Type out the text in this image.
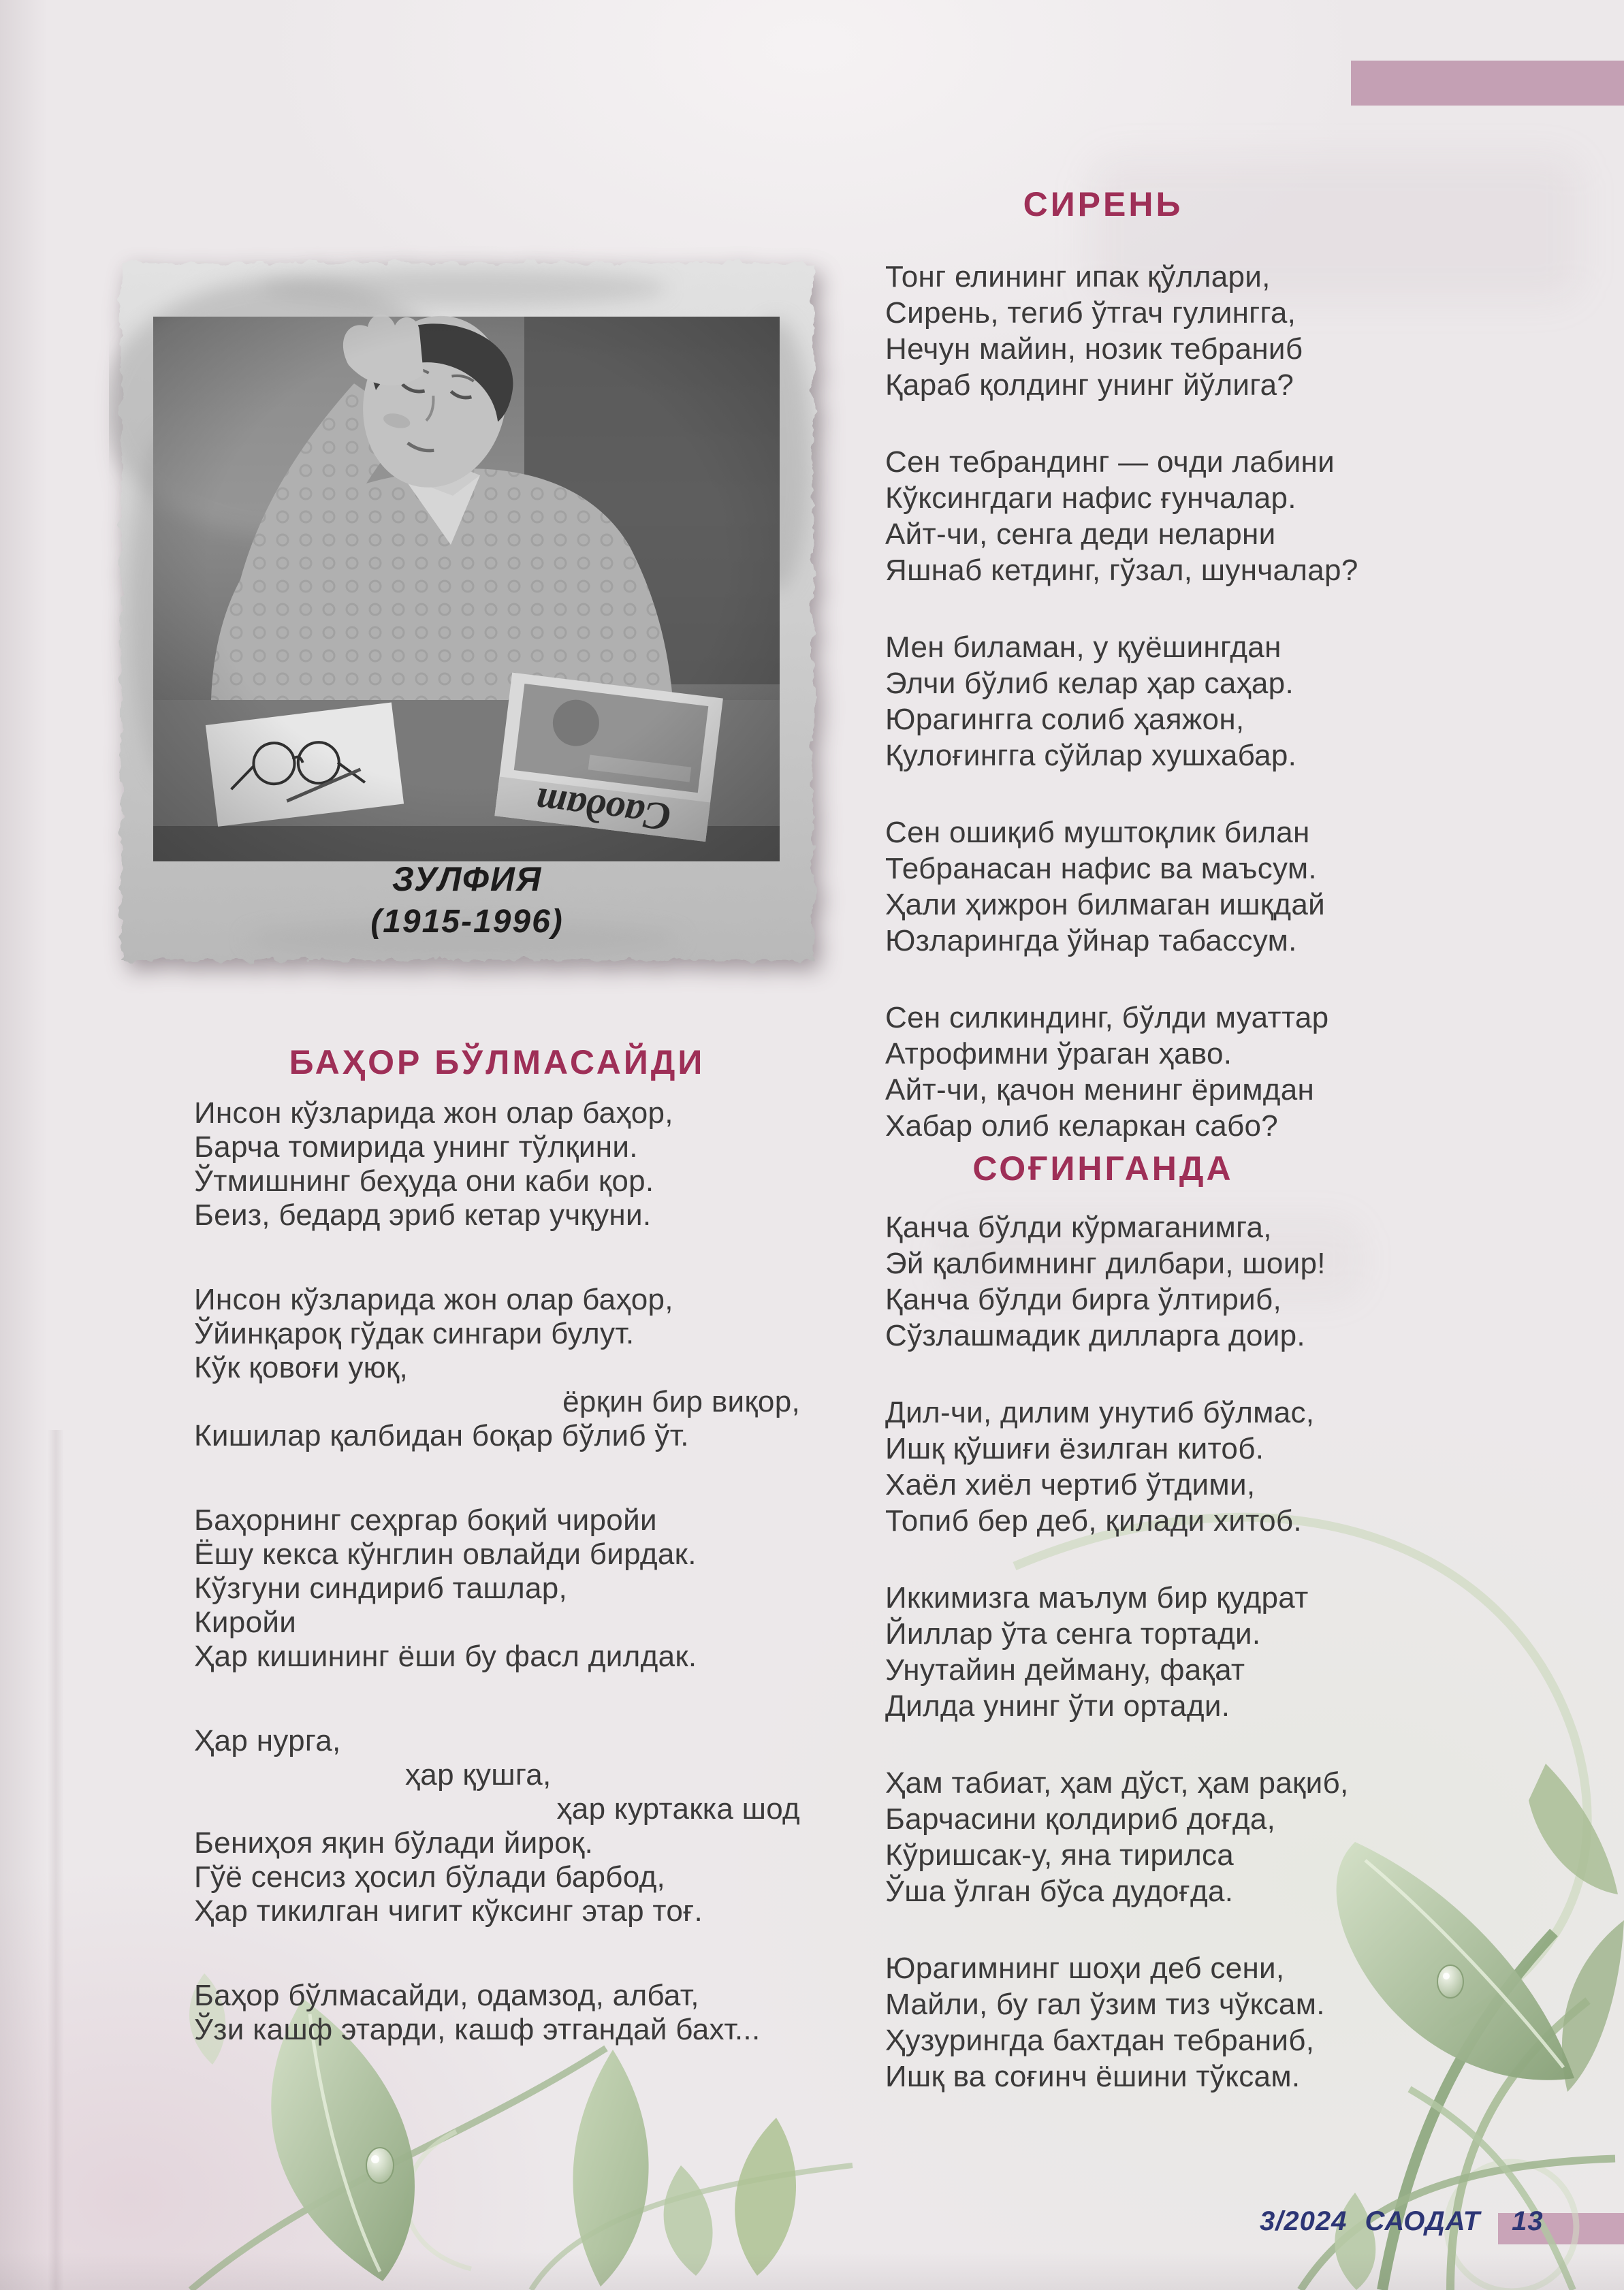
ЗУЛФИЯ
(1915-1996)
СИРЕНЬ
БАҲОР БЎЛМАСАЙДИ
СОҒИНГАНДА
Тонг елининг ипак қўллари,
Сирень, тегиб ўтгач гулингга,
Нечун майин, нозик тебраниб
Қараб қолдинг унинг йўлига?
Сен тебрандинг — очди лабини
Кўксингдаги нафис ғунчалар.
Айт-чи, сенга деди неларни
Яшнаб кетдинг, гўзал, шунчалар?
Мен биламан, у қуёшингдан
Элчи бўлиб келар ҳар саҳар.
Юрагингга солиб ҳаяжон,
Қулоғингга сўйлар хушхабар.
Сен ошиқиб муштоқлик билан
Тебранасан нафис ва маъсум.
Ҳали ҳижрон билмаган ишқдай
Юзларингда ўйнар табассум.
Сен силкиндинг, бўлди муаттар
Атрофимни ўраган ҳаво.
Айт-чи, қачон менинг ёримдан
Хабар олиб келаркан сабо?
Инсон кўзларида жон олар баҳор,
Барча томирида унинг тўлқини.
Ўтмишнинг беҳуда они каби қор.
Беиз, бедард эриб кетар учқуни.
Инсон кўзларида жон олар баҳор,
Ўйинқароқ гўдак сингари булут.
Кўк қовоғи уюқ,
ёрқин бир виқор,
Кишилар қалбидан боқар бўлиб ўт.
Баҳорнинг сеҳргар боқий чиройи
Ёшу кекса кўнглин овлайди бирдак.
Кўзгуни синдириб ташлар,
Киройи
Ҳар кишининг ёши бу фасл дилдак.
Ҳар нурга,
ҳар қушга,
ҳар куртакка шод
Бениҳоя яқин бўлади йироқ.
Гўё сенсиз ҳосил бўлади барбод,
Ҳар тикилган чигит кўксинг этар тоғ.
Баҳор бўлмасайди, одамзод, албат,
Ўзи кашф этарди, кашф этгандай бахт...
Қанча бўлди кўрмаганимга,
Эй қалбимнинг дилбари, шоир!
Қанча бўлди бирга ўлтириб,
Сўзлашмадик дилларга доир.
Дил-чи, дилим унутиб бўлмас,
Ишқ қўшиғи ёзилган китоб.
Хаёл хиёл чертиб ўтдими,
Топиб бер деб, қилади хитоб.
Иккимизга маълум бир қудрат
Йиллар ўта сенга тортади.
Унутайин дейману, фақат
Дилда унинг ўти ортади.
Ҳам табиат, ҳам дўст, ҳам рақиб,
Барчасини қолдириб доғда,
Кўришсак-у, яна тирилса
Ўша ўлган бўса дудоғда.
Юрагимнинг шоҳи деб сени,
Майли, бу гал ўзим тиз чўксам.
Ҳузурингда бахтдан тебраниб,
Ишқ ва соғинч ёшини тўксам.
3/2024 САОДАТ 13
